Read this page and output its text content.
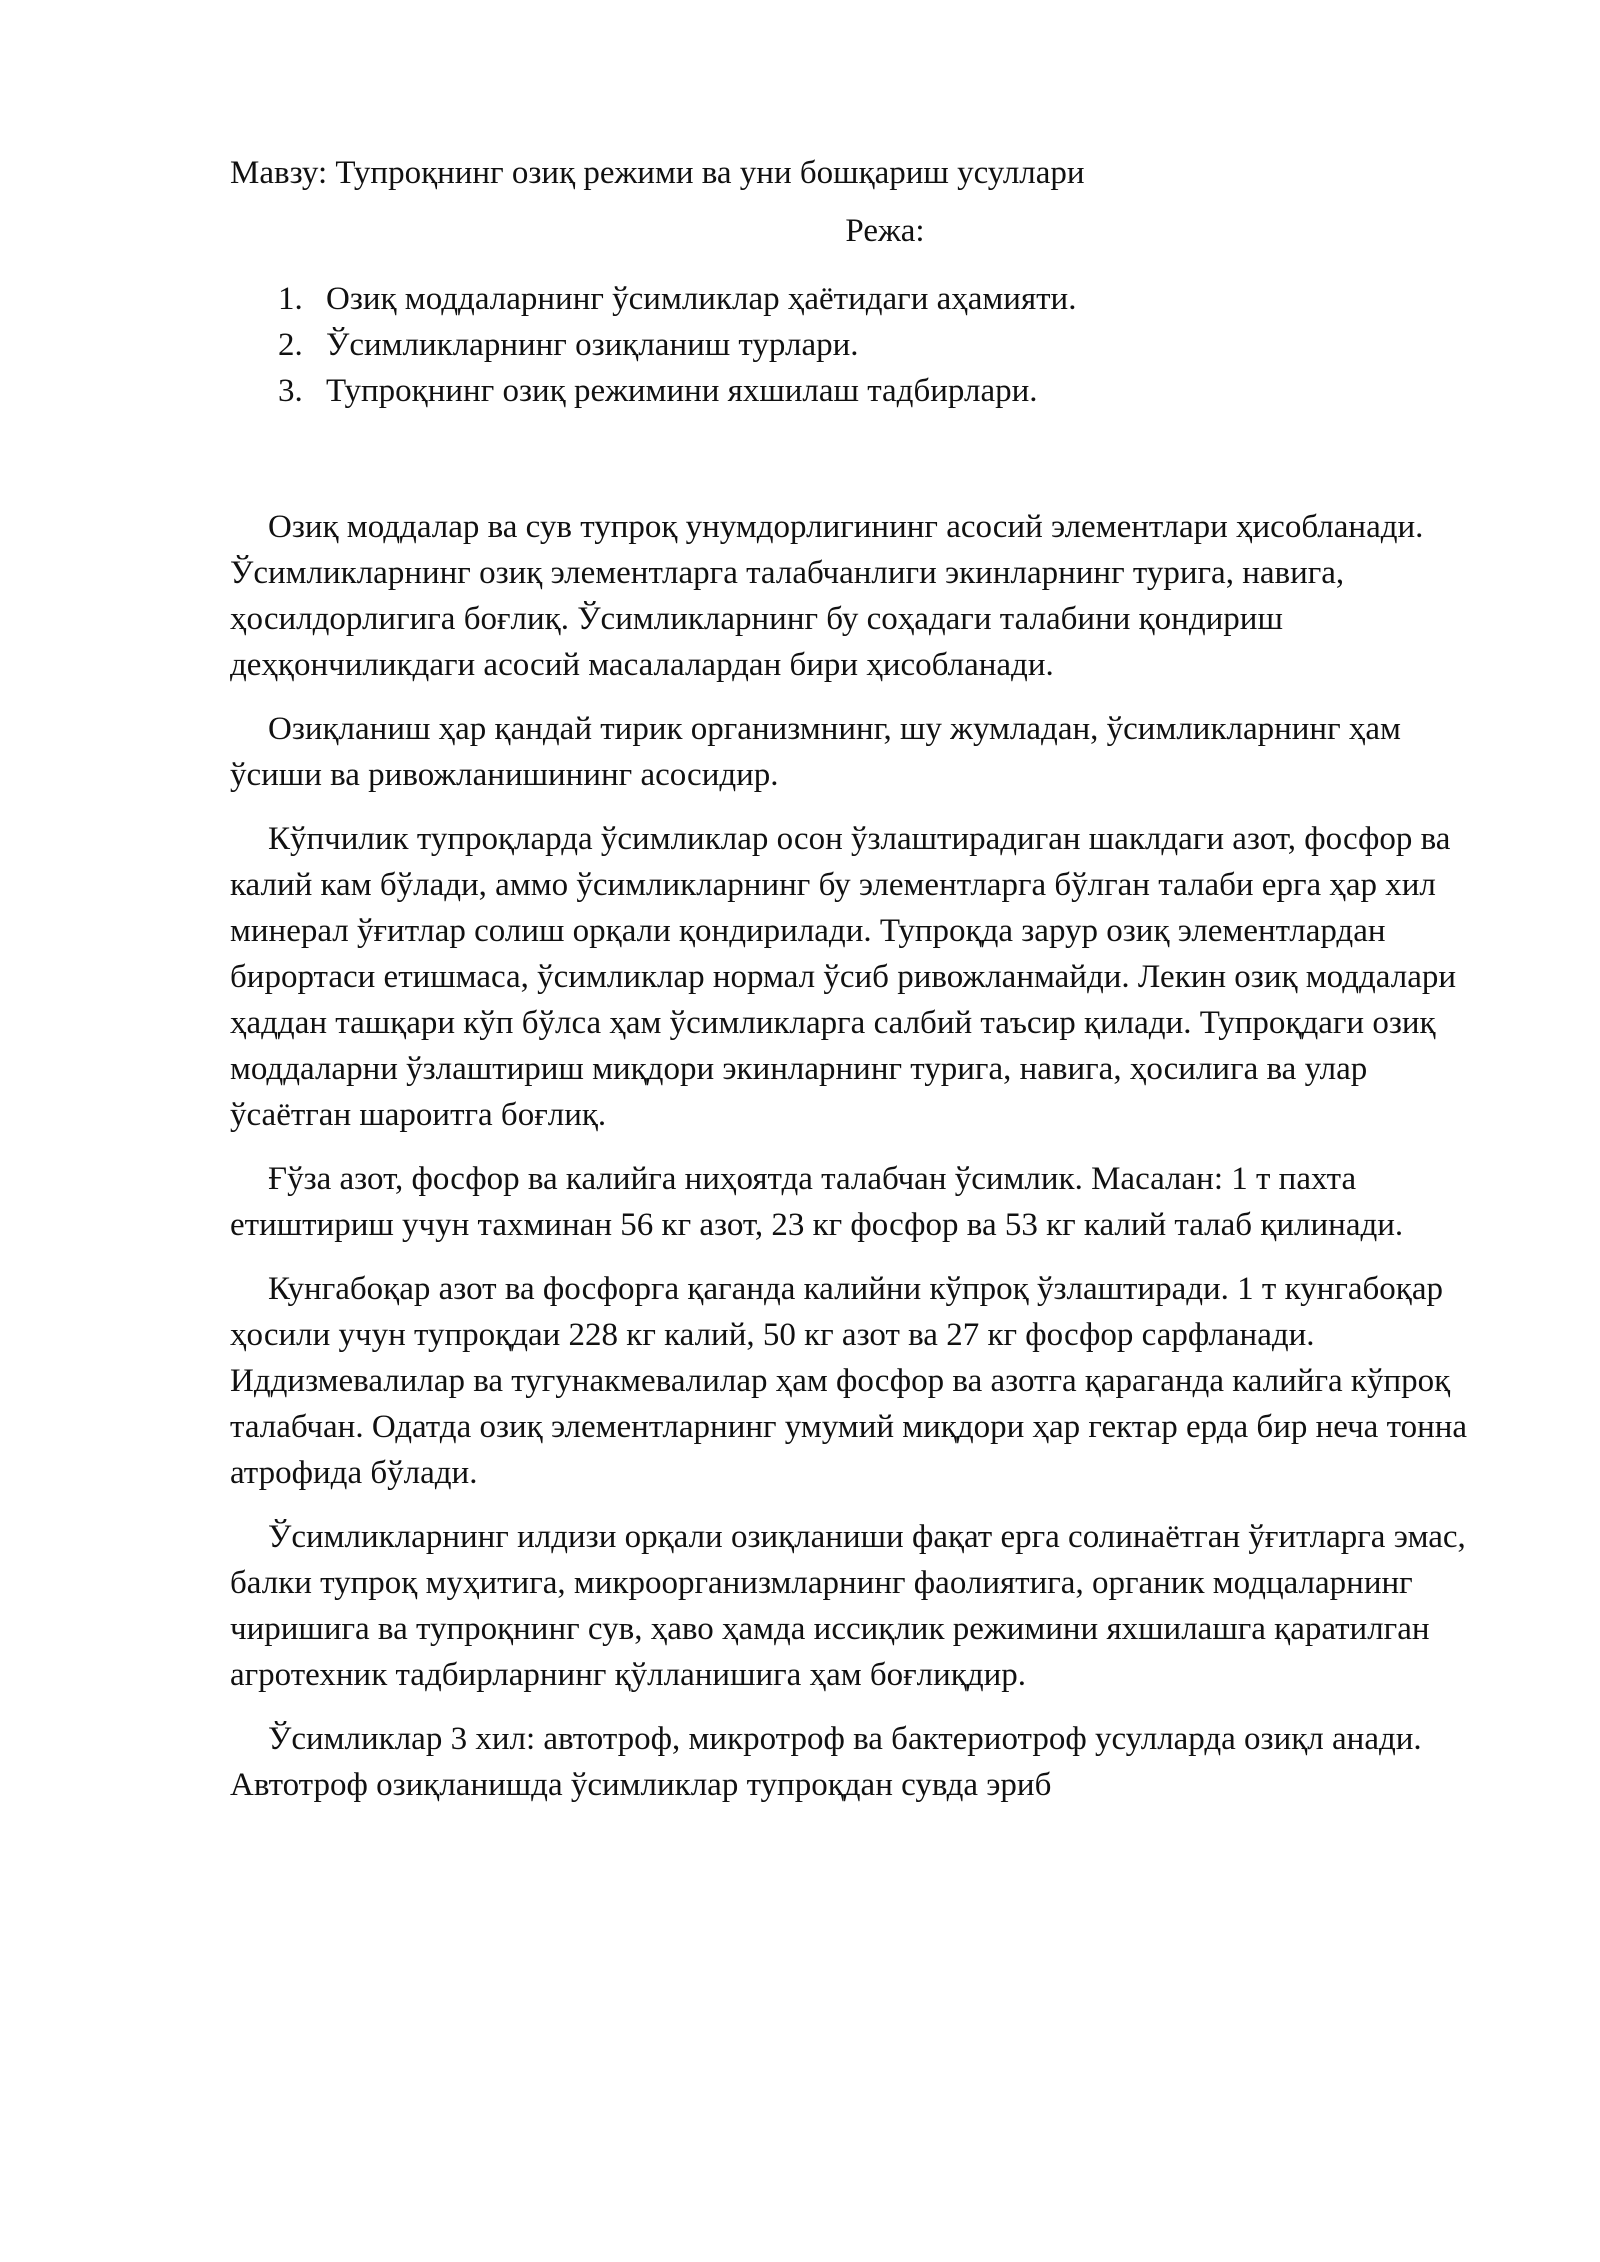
Мавзу: Тупроқнинг озиқ режими ва уни бошқариш усуллари

Режа:

1. Озиқ моддаларнинг ўсимликлар ҳаётидаги аҳамияти.
2. Ўсимликларнинг озиқланиш турлари.
3. Тупроқнинг озиқ режимини яхшилаш тадбирлари.

Озиқ моддалар ва сув тупроқ унумдорлигининг асосий элементлари ҳисобланади. Ўсимликларнинг озиқ элементларга талабчанлиги экинларнинг турига, навига, ҳосилдорлигига боғлиқ. Ўсимликларнинг бу соҳадаги талабини қондириш деҳқончиликдаги асосий масалалардан бири ҳисобланади.

Озиқланиш ҳар қандай тирик организмнинг, шу жумладан, ўсимликларнинг ҳам ўсиши ва ривожланишининг асосидир.

Кўпчилик тупроқларда ўсимликлар осон ўзлаштирадиган шаклдаги азот, фосфор ва калий кам бўлади, аммо ўсимликларнинг бу элементларга бўлган талаби ерга ҳар хил минерал ўғитлар солиш орқали қондирилади. Тупроқда зарур озиқ элементлардан бирортаси етишмаса, ўсимликлар нормал ўсиб ривожланмайди. Лекин озиқ моддалари ҳаддан ташқари кўп бўлса ҳам ўсимликларга салбий таъсир қилади. Тупроқдаги озиқ моддаларни ўзлаштириш миқдори экинларнинг турига, навига, ҳосилига ва улар ўсаётган шароитга боғлиқ.

Ғўза азот, фосфор ва калийга ниҳоятда талабчан ўсимлик. Масалан: 1 т пахта етиштириш учун тахминан 56 кг азот, 23 кг фосфор ва 53 кг калий талаб қилинади.

Кунгабоқар азот ва фосфорга қаганда калийни кўпроқ ўзлаштиради. 1 т кунгабоқар ҳосили учун тупроқдаи 228 кг калий, 50 кг азот ва 27 кг фосфор сарфланади. Иддизмевалилар ва тугунакмевалилар ҳам фосфор ва азотга қараганда калийга кўпроқ талабчан. Одатда озиқ элементларнинг умумий миқдори ҳар гектар ерда бир неча тонна атрофида бўлади.

Ўсимликларнинг илдизи орқали озиқланиши фақат ерга солинаётган ўғитларга эмас, балки тупроқ муҳитига, микроорганизмларнинг фаолиятига, органик модцаларнинг чиришига ва тупроқнинг сув, ҳаво ҳамда иссиқлик режимини яхшилашга қаратилган агротехник тадбирларнинг қўлланишига ҳам боғлиқдир.

Ўсимликлар 3 хил: автотроф, микротроф ва бактериотроф усулларда озиқл анади. Автотроф озиқланишда ўсимликлар тупроқдан сувда эриб
